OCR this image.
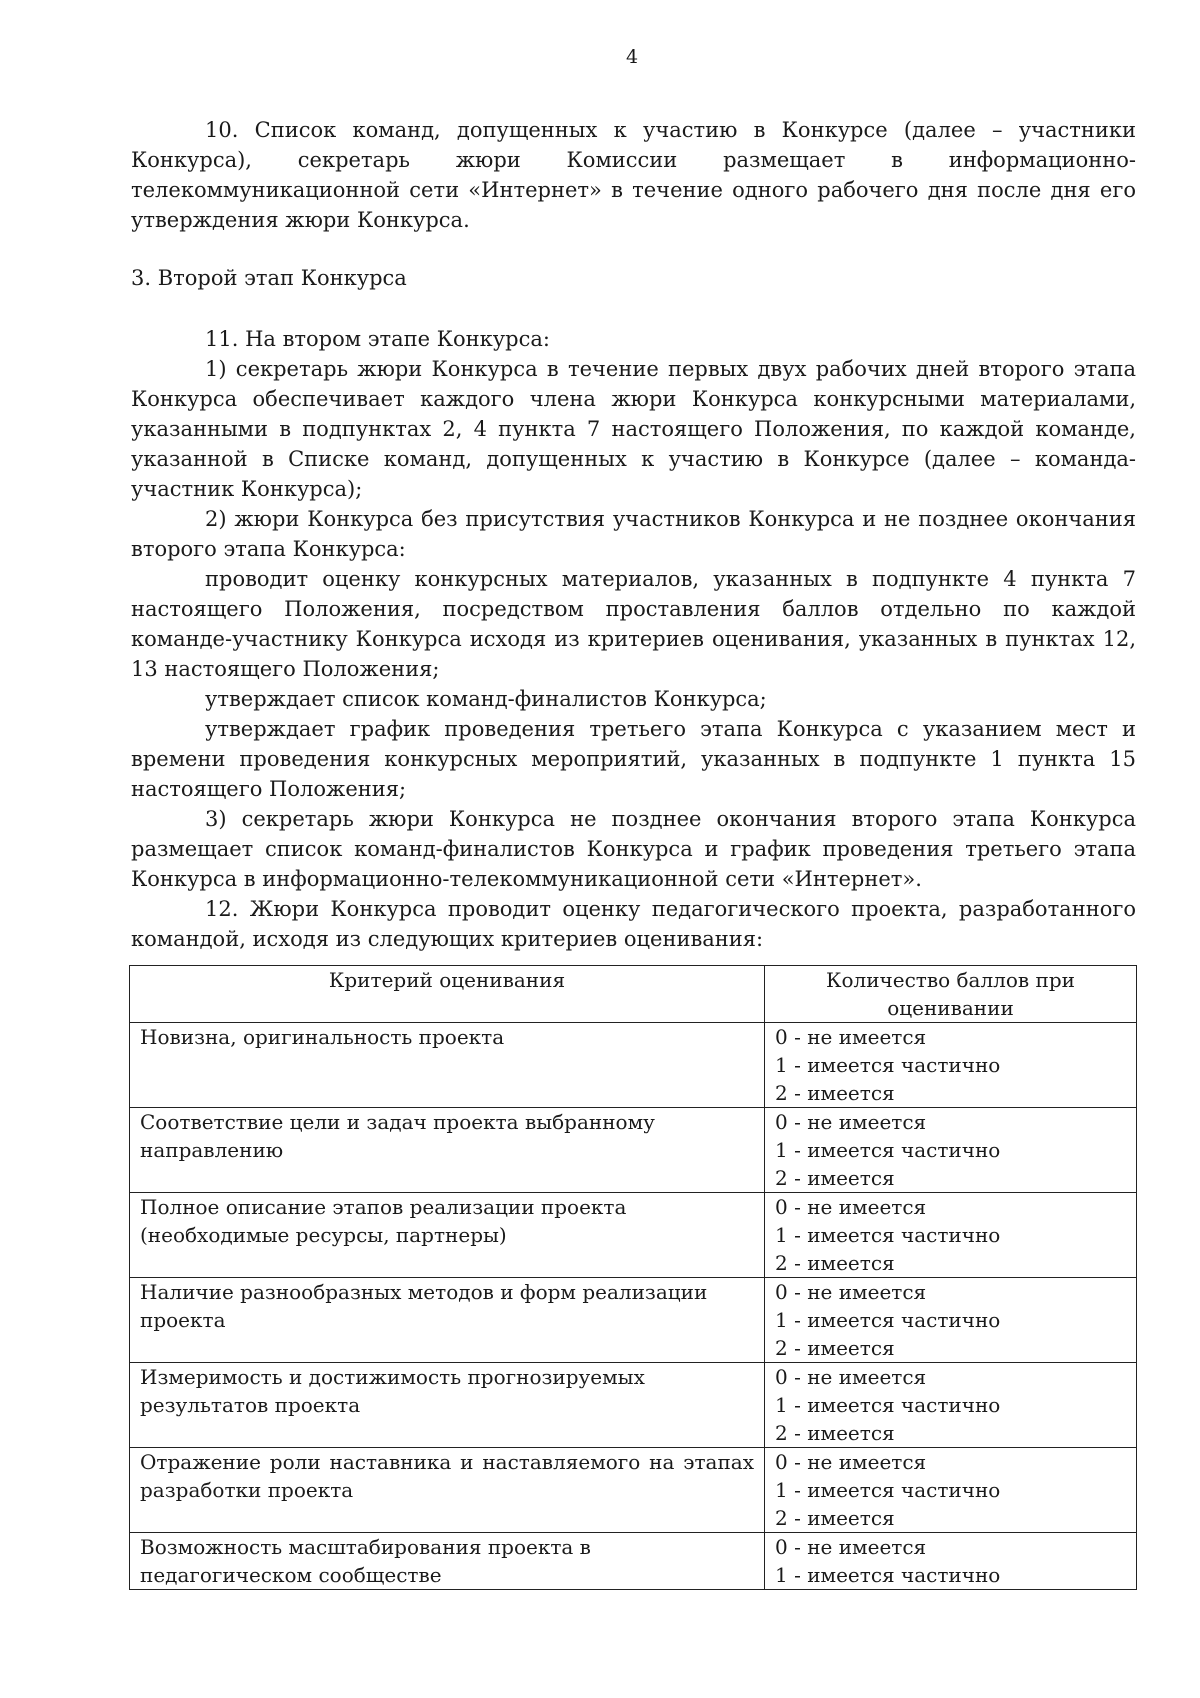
4

10. Список команд, допущенных к участию в Конкурсе (далее – участники Конкурса), секретарь жюри Комиссии размещает в информационно-телекоммуникационной сети «Интернет» в течение одного рабочего дня после дня его утверждения жюри Конкурса.

3. Второй этап Конкурса

11. На втором этапе Конкурса:

1) секретарь жюри Конкурса в течение первых двух рабочих дней второго этапа Конкурса обеспечивает каждого члена жюри Конкурса конкурсными материалами, указанными в подпунктах 2, 4 пункта 7 настоящего Положения, по каждой команде, указанной в Списке команд, допущенных к участию в Конкурсе (далее – команда-участник Конкурса);

2) жюри Конкурса без присутствия участников Конкурса и не позднее окончания второго этапа Конкурса:

проводит оценку конкурсных материалов, указанных в подпункте 4 пункта 7 настоящего Положения, посредством проставления баллов отдельно по каждой команде-участнику Конкурса исходя из критериев оценивания, указанных в пунктах 12, 13 настоящего Положения;

утверждает список команд-финалистов Конкурса;

утверждает график проведения третьего этапа Конкурса с указанием мест и времени проведения конкурсных мероприятий, указанных в подпункте 1 пункта 15 настоящего Положения;

3) секретарь жюри Конкурса не позднее окончания второго этапа Конкурса размещает список команд-финалистов Конкурса и график проведения третьего этапа Конкурса в информационно-телекоммуникационной сети «Интернет».

12. Жюри Конкурса проводит оценку педагогического проекта, разработанного командой, исходя из следующих критериев оценивания:

Критерий оценивания	Количество баллов при оценивании
Новизна, оригинальность проекта	0 - не имеется
1 - имеется частично
2 - имеется

Соответствие цели и задач проекта выбранному направлению	0 - не имеется
1 - имеется частично
2 - имеется

Полное описание этапов реализации проекта (необходимые ресурсы, партнеры)	0 - не имеется
1 - имеется частично
2 - имеется

Наличие разнообразных методов и форм реализации проекта	0 - не имеется
1 - имеется частично
2 - имеется

Измеримость и достижимость прогнозируемых результатов проекта	0 - не имеется
1 - имеется частично
2 - имеется

Отражение роли наставника и наставляемого на этапах разработки проекта	0 - не имеется
1 - имеется частично
2 - имеется

Возможность масштабирования проекта в педагогическом сообществе	0 - не имеется
1 - имеется частично
